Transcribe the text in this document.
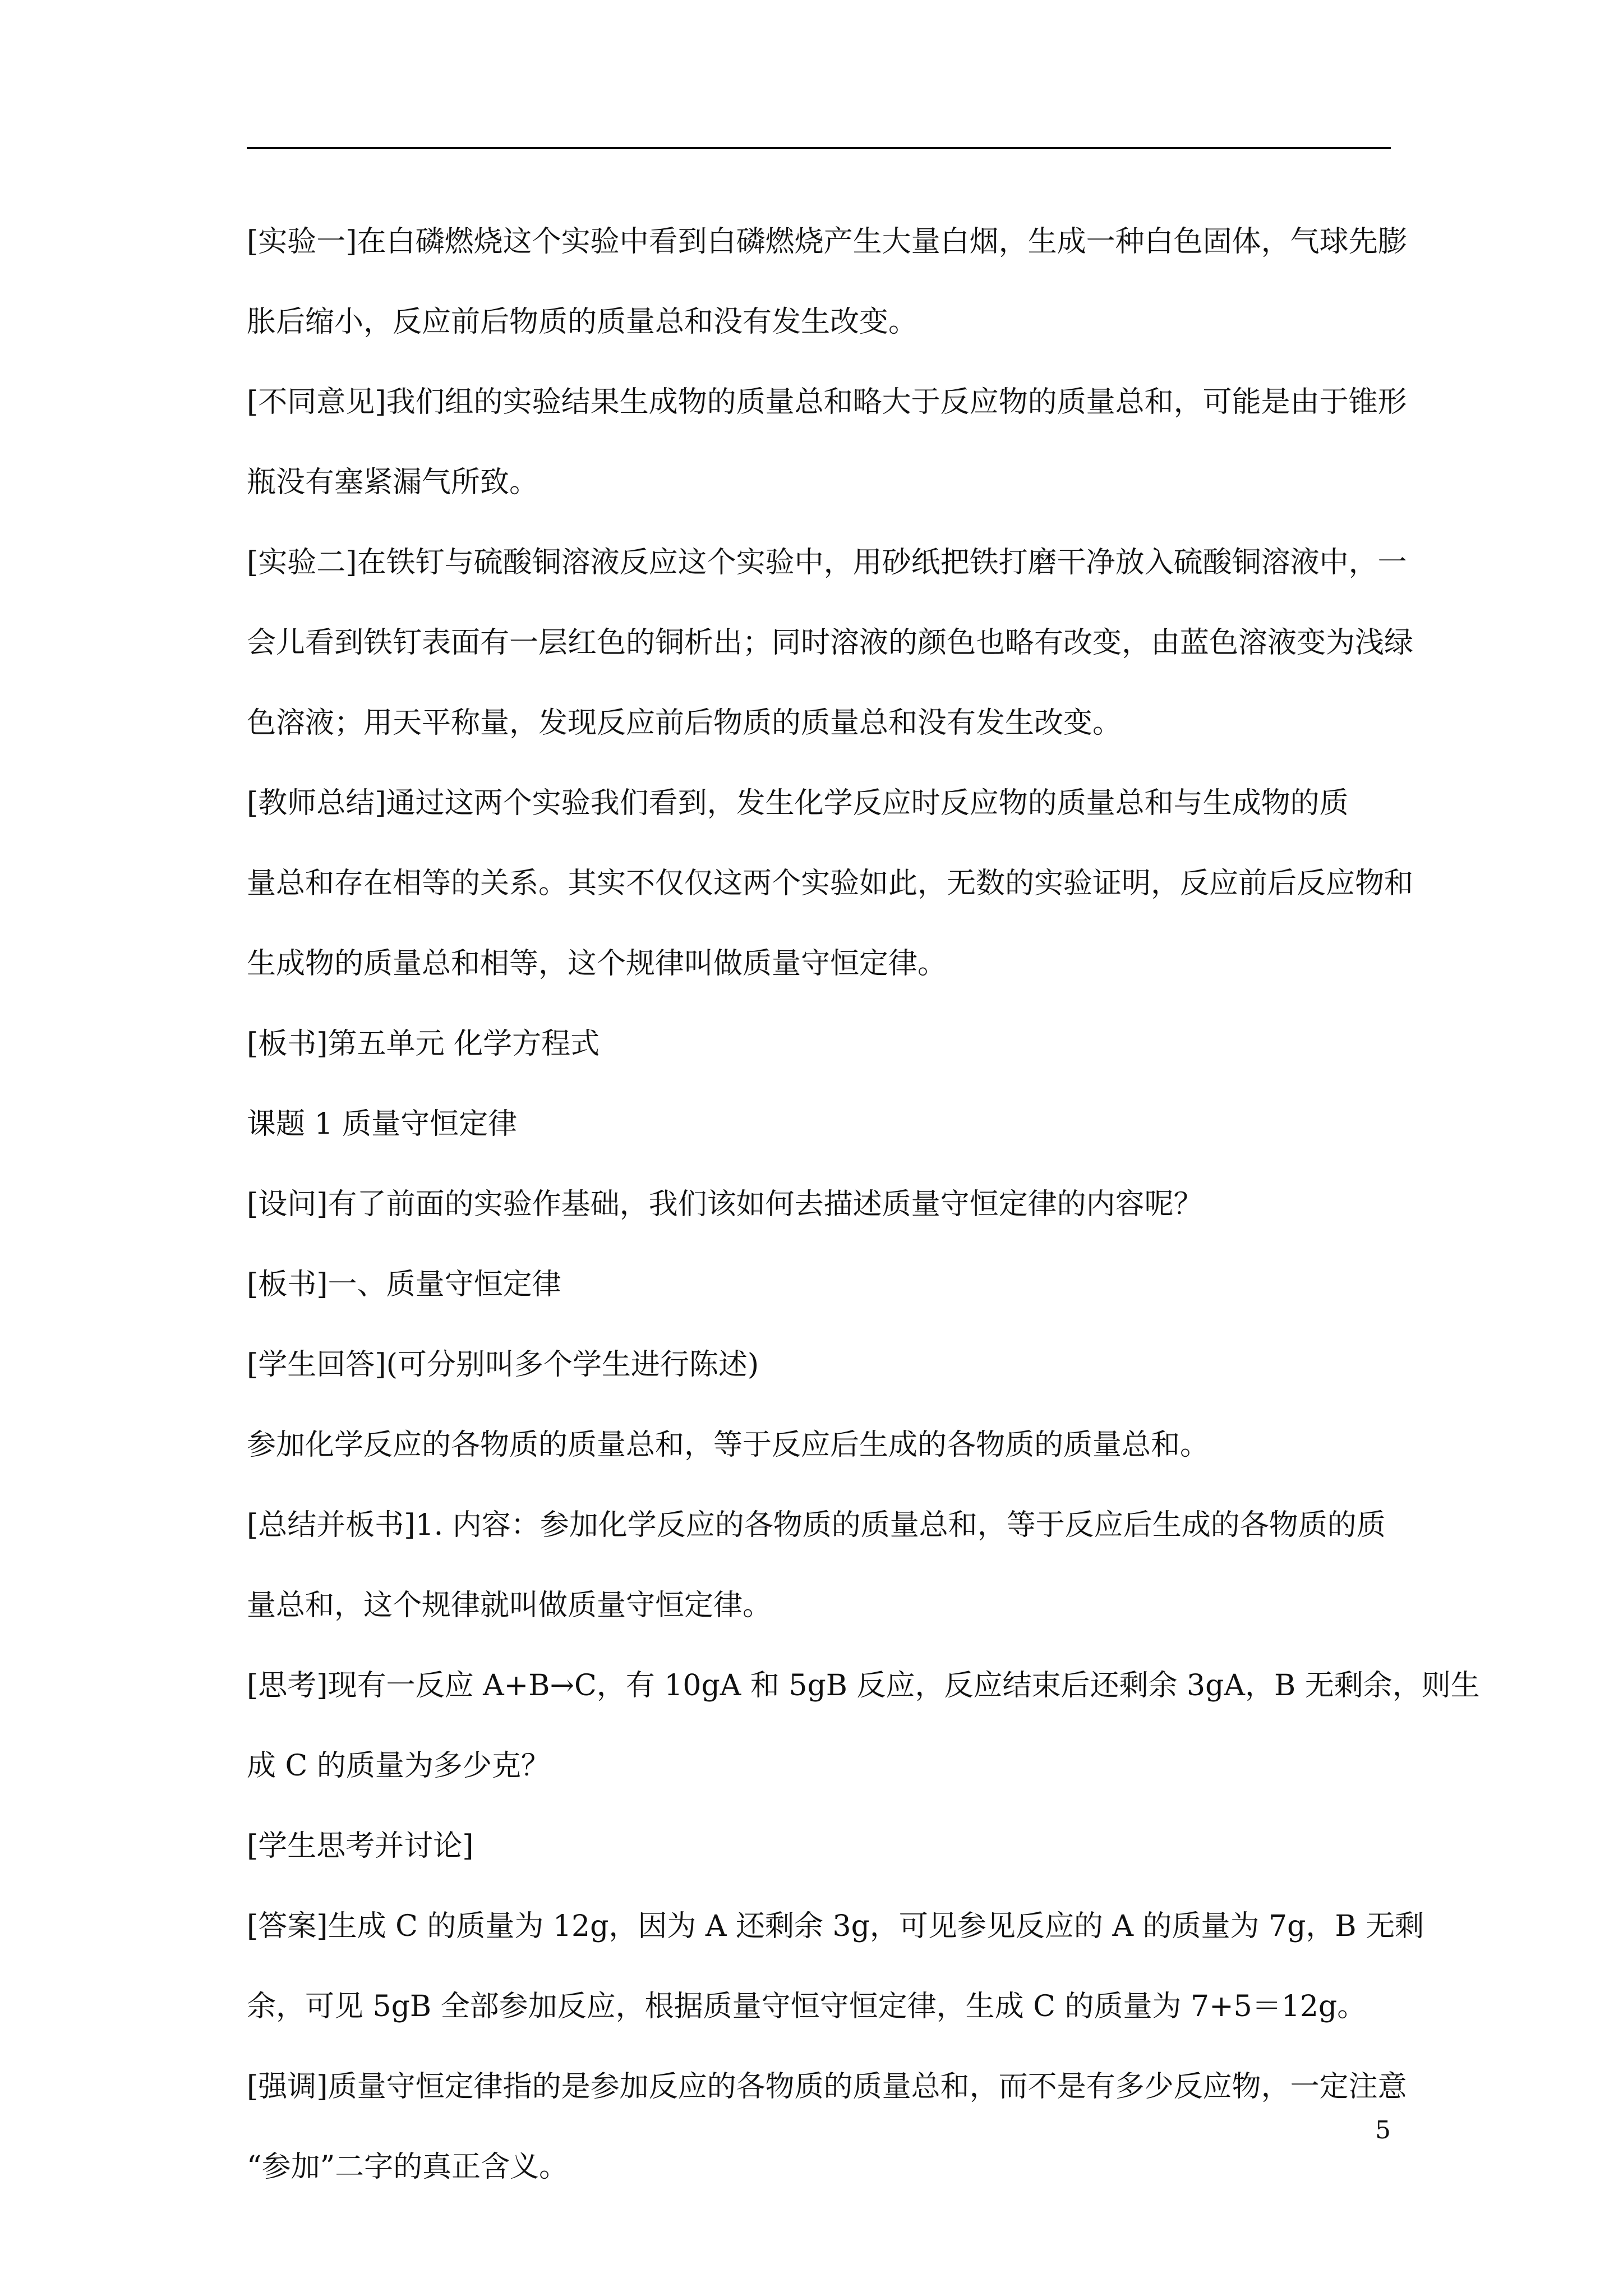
[实验一]在白磷燃烧这个实验中看到白磷燃烧产生大量白烟，生成一种白色固体，气球先膨

胀后缩小，反应前后物质的质量总和没有发生改变。

[不同意见]我们组的实验结果生成物的质量总和略大于反应物的质量总和，可能是由于锥形

瓶没有塞紧漏气所致。

[实验二]在铁钉与硫酸铜溶液反应这个实验中，用砂纸把铁打磨干净放入硫酸铜溶液中，一

会儿看到铁钉表面有一层红色的铜析出；同时溶液的颜色也略有改变，由蓝色溶液变为浅绿

色溶液；用天平称量，发现反应前后物质的质量总和没有发生改变。

[教师总结]通过这两个实验我们看到，发生化学反应时反应物的质量总和与生成物的质

量总和存在相等的关系。其实不仅仅这两个实验如此，无数的实验证明，反应前后反应物和

生成物的质量总和相等，这个规律叫做质量守恒定律。

[板书]第五单元 化学方程式

课题 1 质量守恒定律

[设问]有了前面的实验作基础，我们该如何去描述质量守恒定律的内容呢？

[板书]一、质量守恒定律

[学生回答](可分别叫多个学生进行陈述)

参加化学反应的各物质的质量总和，等于反应后生成的各物质的质量总和。

[总结并板书]1. 内容：参加化学反应的各物质的质量总和，等于反应后生成的各物质的质

量总和，这个规律就叫做质量守恒定律。

[思考]现有一反应 A+B→C，有 10gA 和 5gB 反应，反应结束后还剩余 3gA，B 无剩余，则生

成 C 的质量为多少克？

[学生思考并讨论]

[答案]生成 C 的质量为 12g，因为 A 还剩余 3g，可见参见反应的 A 的质量为 7g，B 无剩

余，可见 5gB 全部参加反应，根据质量守恒守恒定律，生成 C 的质量为 7+5＝12g。

[强调]质量守恒定律指的是参加反应的各物质的质量总和，而不是有多少反应物，一定注意

“参加”二字的真正含义。

5
